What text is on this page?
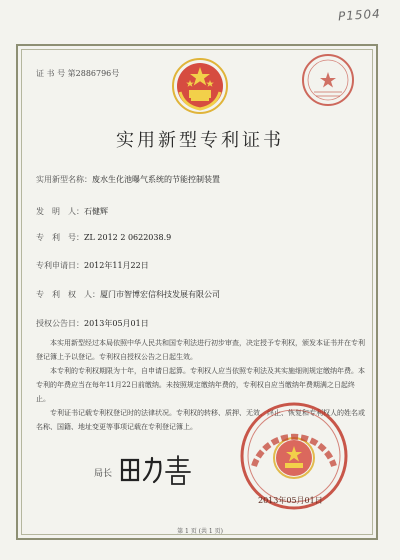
P1504
证 书 号 第2886796号
实用新型专利证书
实用新型名称：废水生化池曝气系统的节能控制装置
发　明　人：石健辉
专　利　号：ZL 2012 2 0622038.9
专利申请日：2012年11月22日
专　利　权　人：厦门市智博宏信科技发展有限公司
授权公告日：2013年05月01日

本实用新型经过本局依照中华人民共和国专利法进行初步审查，决定授予专利权，颁发本证书并在专利登记簿上予以登记。专利权自授权公告之日起生效。

本专利的专利权期限为十年，自申请日起算。专利权人应当依照专利法及其实施细则规定缴纳年费。本专利的年费应当在每年11月22日前缴纳。未按照规定缴纳年费的，专利权自应当缴纳年费期满之日起终止。

专利证书记载专利权登记时的法律状况。专利权的转移、质押、无效、终止、恢复和专利权人的姓名或名称、国籍、地址变更等事项记载在专利登记簿上。

局长
2013年05月01日
第 1 页 (共 1 页)
